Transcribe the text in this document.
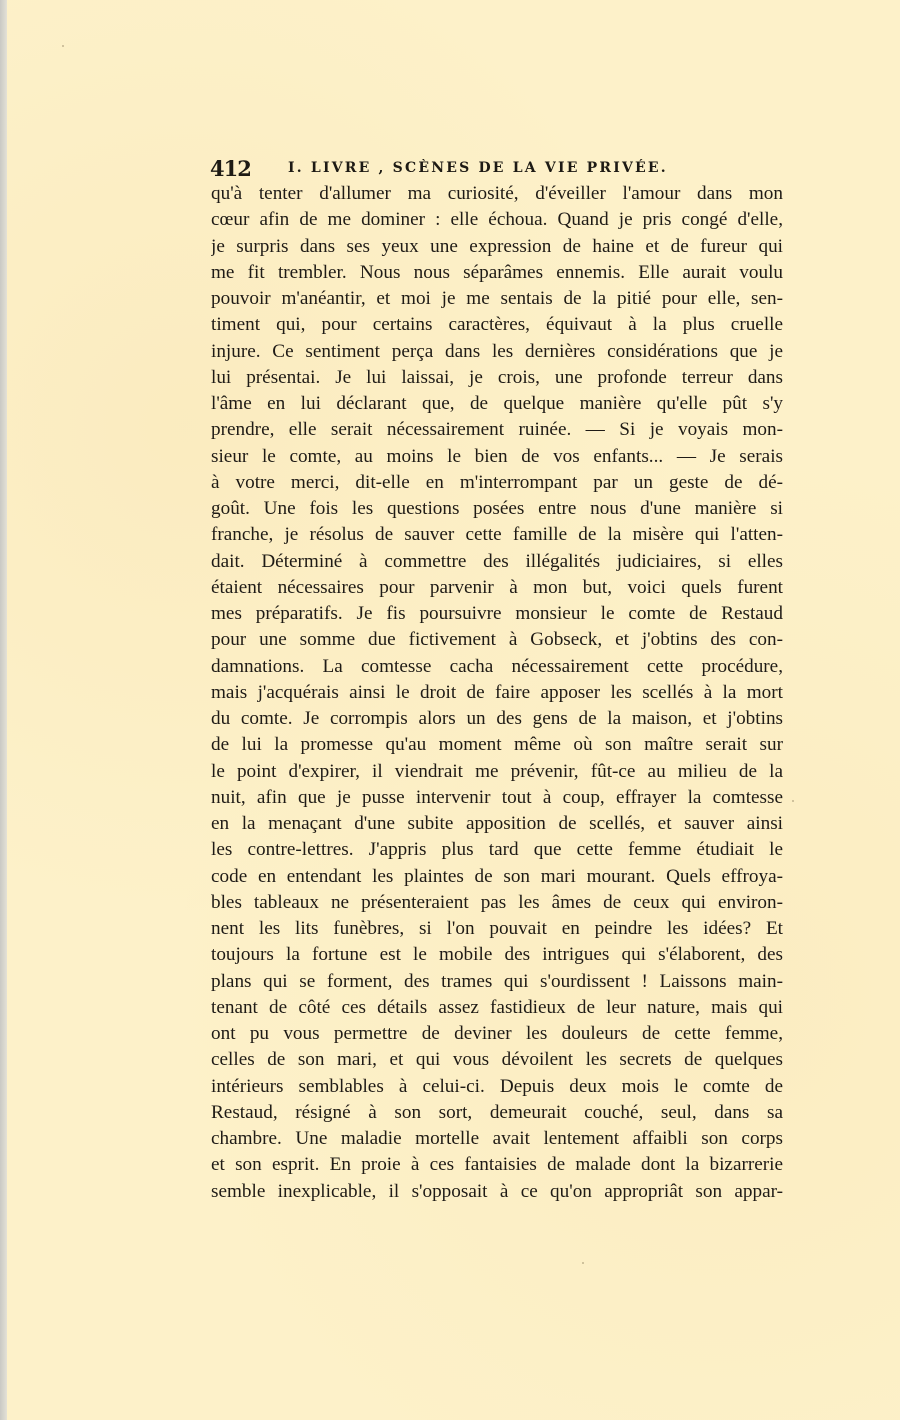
412	I. LIVRE , SCÈNES DE LA VIE PRIVÉE.
qu'à tenter d'allumer ma curiosité, d'éveiller l'amour dans mon
cœur afin de me dominer : elle échoua. Quand je pris congé d'elle,
je surpris dans ses yeux une expression de haine et de fureur qui
me fit trembler. Nous nous séparâmes ennemis. Elle aurait voulu
pouvoir m'anéantir, et moi je me sentais de la pitié pour elle, sen-
timent qui, pour certains caractères, équivaut à la plus cruelle
injure. Ce sentiment perça dans les dernières considérations que je
lui présentai. Je lui laissai, je crois, une profonde terreur dans
l'âme en lui déclarant que, de quelque manière qu'elle pût s'y
prendre, elle serait nécessairement ruinée. — Si je voyais mon-
sieur le comte, au moins le bien de vos enfants... — Je serais
à votre merci, dit-elle en m'interrompant par un geste de dé-
goût. Une fois les questions posées entre nous d'une manière si
franche, je résolus de sauver cette famille de la misère qui l'atten-
dait. Déterminé à commettre des illégalités judiciaires, si elles
étaient nécessaires pour parvenir à mon but, voici quels furent
mes préparatifs. Je fis poursuivre monsieur le comte de Restaud
pour une somme due fictivement à Gobseck, et j'obtins des con-
damnations. La comtesse cacha nécessairement cette procédure,
mais j'acquérais ainsi le droit de faire apposer les scellés à la mort
du comte. Je corrompis alors un des gens de la maison, et j'obtins
de lui la promesse qu'au moment même où son maître serait sur
le point d'expirer, il viendrait me prévenir, fût-ce au milieu de la
nuit, afin que je pusse intervenir tout à coup, effrayer la comtesse
en la menaçant d'une subite apposition de scellés, et sauver ainsi
les contre-lettres. J'appris plus tard que cette femme étudiait le
code en entendant les plaintes de son mari mourant. Quels effroya-
bles tableaux ne présenteraient pas les âmes de ceux qui environ-
nent les lits funèbres, si l'on pouvait en peindre les idées? Et
toujours la fortune est le mobile des intrigues qui s'élaborent, des
plans qui se forment, des trames qui s'ourdissent ! Laissons main-
tenant de côté ces détails assez fastidieux de leur nature, mais qui
ont pu vous permettre de deviner les douleurs de cette femme,
celles de son mari, et qui vous dévoilent les secrets de quelques
intérieurs semblables à celui-ci. Depuis deux mois le comte de
Restaud, résigné à son sort, demeurait couché, seul, dans sa
chambre. Une maladie mortelle avait lentement affaibli son corps
et son esprit. En proie à ces fantaisies de malade dont la bizarrerie
semble inexplicable, il s'opposait à ce qu'on appropriât son appar-
